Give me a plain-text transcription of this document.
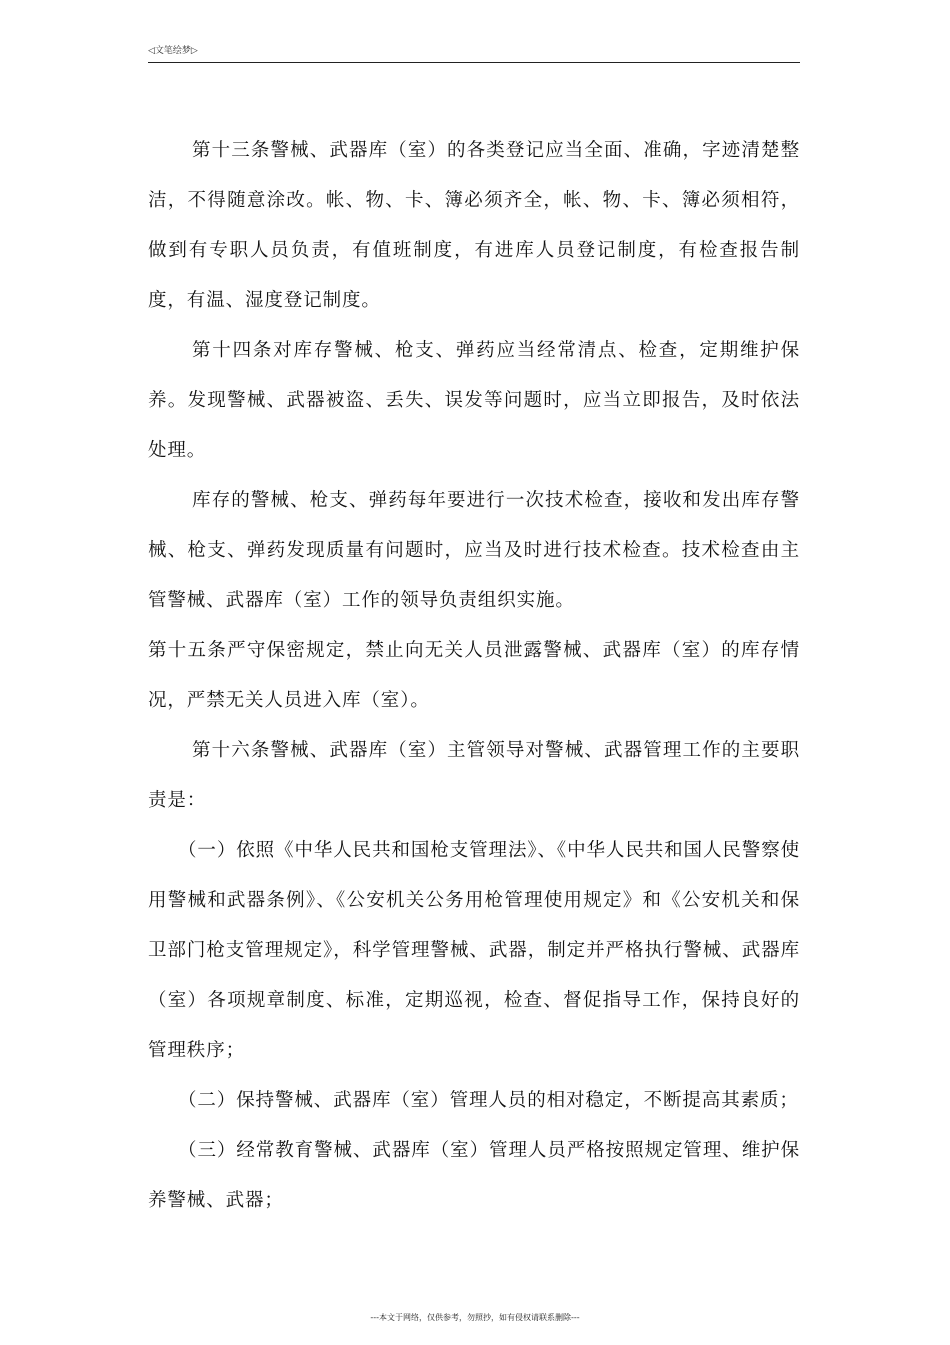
◁文笔绘梦▷

第十三条警械、武器库（室）的各类登记应当全面、准确，字迹清楚整洁，不得随意涂改。帐、物、卡、簿必须齐全，帐、物、卡、簿必须相符，做到有专职人员负责，有值班制度，有进库人员登记制度，有检查报告制度，有温、湿度登记制度。

第十四条对库存警械、枪支、弹药应当经常清点、检查，定期维护保养。发现警械、武器被盗、丢失、误发等问题时，应当立即报告，及时依法处理。

库存的警械、枪支、弹药每年要进行一次技术检查，接收和发出库存警械、枪支、弹药发现质量有问题时，应当及时进行技术检查。技术检查由主管警械、武器库（室）工作的领导负责组织实施。

第十五条严守保密规定，禁止向无关人员泄露警械、武器库（室）的库存情况，严禁无关人员进入库（室）。

第十六条警械、武器库（室）主管领导对警械、武器管理工作的主要职责是：

（一）依照《中华人民共和国枪支管理法》、《中华人民共和国人民警察使用警械和武器条例》、《公安机关公务用枪管理使用规定》和《公安机关和保卫部门枪支管理规定》，科学管理警械、武器，制定并严格执行警械、武器库（室）各项规章制度、标准，定期巡视，检查、督促指导工作，保持良好的管理秩序；

（二）保持警械、武器库（室）管理人员的相对稳定，不断提高其素质；

（三）经常教育警械、武器库（室）管理人员严格按照规定管理、维护保养警械、武器；

---本文于网络，仅供参考，勿照抄，如有侵权请联系删除---
